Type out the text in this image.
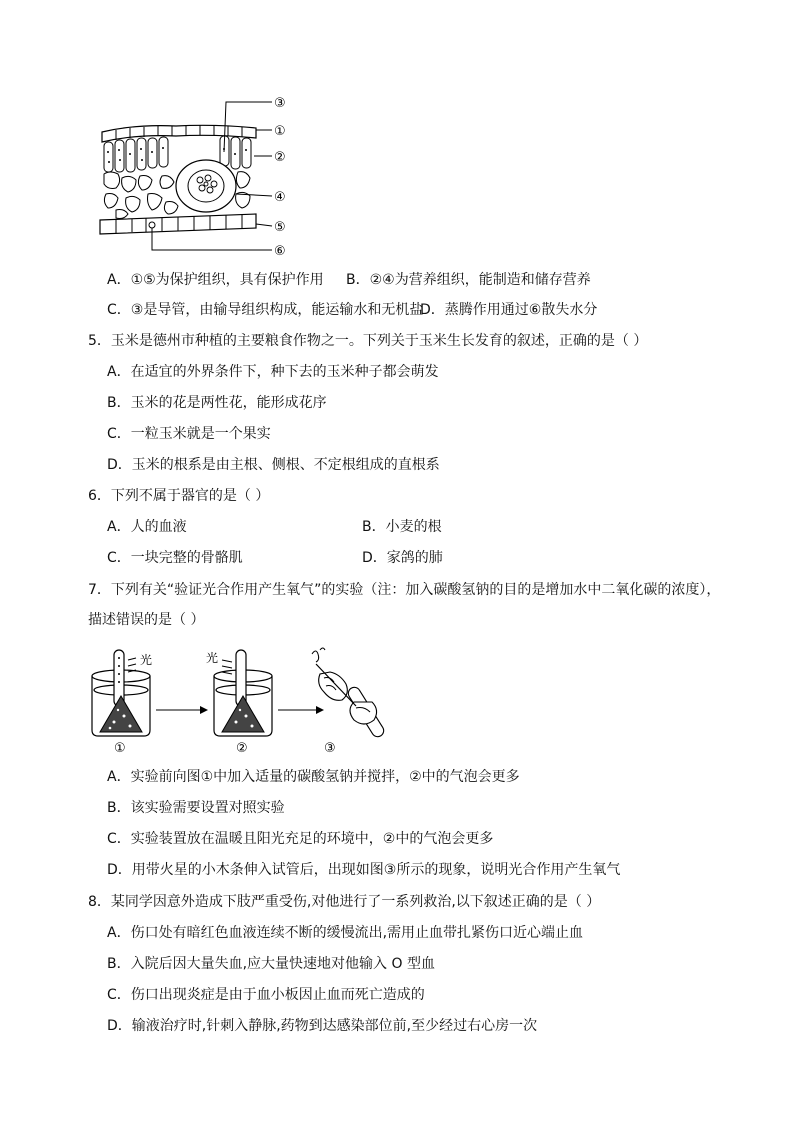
③
①
②
④
⑤
⑥
A．①⑤为保护组织，具有保护作用 B．②④为营养组织，能制造和储存营养
C．③是导管，由输导组织构成，能运输水和无机盐
D．蒸腾作用通过⑥散失水分
5．玉米是德州市种植的主要粮食作物之一。下列关于玉米生长发育的叙述，正确的是（ ）
A．在适宜的外界条件下，种下去的玉米种子都会萌发
B．玉米的花是两性花，能形成花序
C．一粒玉米就是一个果实
D．玉米的根系是由主根、侧根、不定根组成的直根系
6．下列不属于器官的是（ ）
A．人的血液	B．小麦的根
C．一块完整的骨骼肌	D．家鸽的肺
7．下列有关“验证光合作用产生氧气”的实验（注：加入碳酸氢钠的目的是增加水中二氧化碳的浓度），
描述错误的是（ ）
光
①
光
②	③
A．实验前向图①中加入适量的碳酸氢钠并搅拌，②中的气泡会更多
B．该实验需要设置对照实验
C．实验装置放在温暖且阳光充足的环境中，②中的气泡会更多
D．用带火星的小木条伸入试管后，出现如图③所示的现象，说明光合作用产生氧气
8．某同学因意外造成下肢严重受伤,对他进行了一系列救治,以下叙述正确的是（ ）
A．伤口处有暗红色血液连续不断的缓慢流出,需用止血带扎紧伤口近心端止血
B．入院后因大量失血,应大量快速地对他输入 O 型血
C．伤口出现炎症是由于血小板因止血而死亡造成的
D．输液治疗时,针刺入静脉,药物到达感染部位前,至少经过右心房一次
